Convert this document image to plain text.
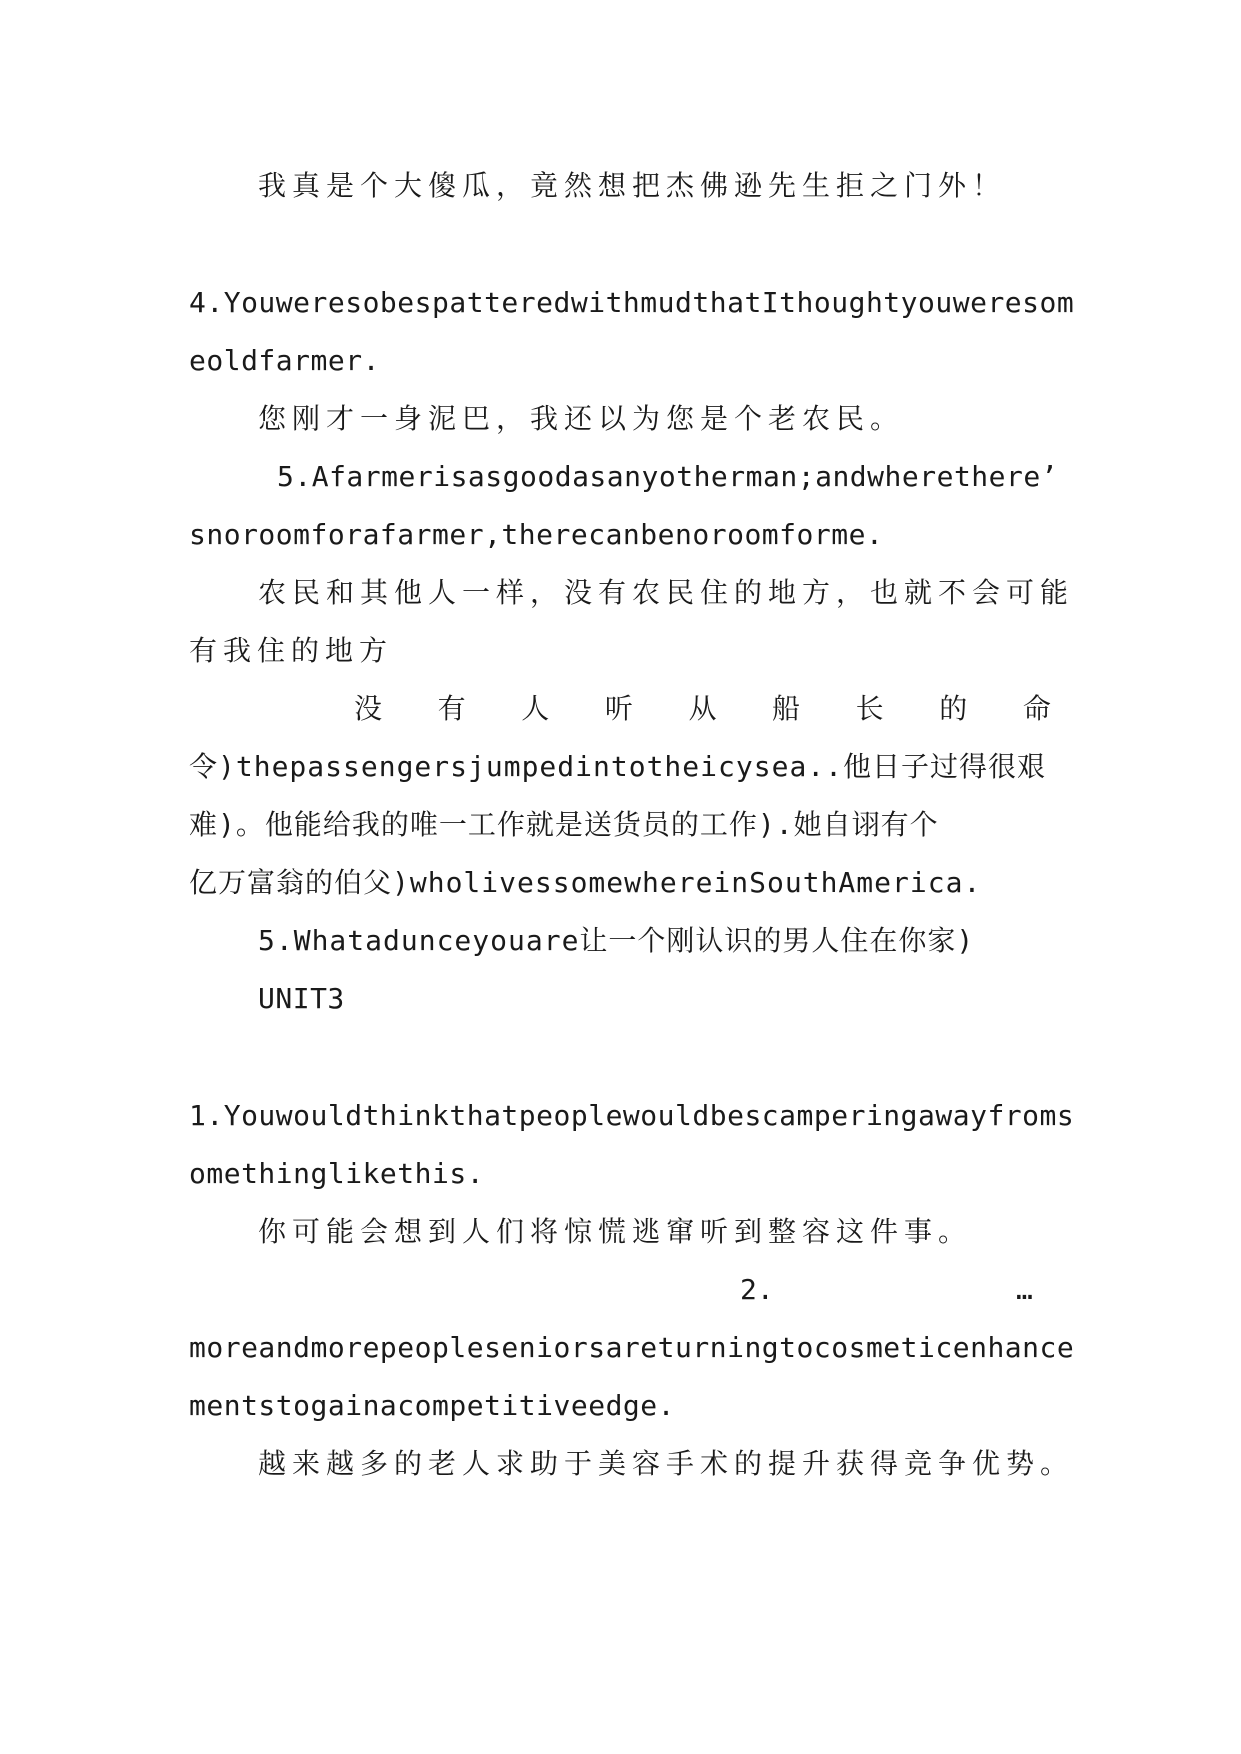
我真是个大傻瓜，竟然想把杰佛逊先生拒之门外！
4.YouweresobespatteredwithmudthatIthoughtyouweresom
eoldfarmer.
您刚才一身泥巴，我还以为您是个老农民。
5.Afarmerisasgoodasanyotherman;andwherethere’
snoroomforafarmer,therecanbenoroomforme.
农民和其他人一样，没有农民住的地方，也就不会可能
有我住的地方
没 有 人 听 从 船 长 的 命
令)thepassengersjumpedintotheicysea..他日子过得很艰
难)。他能给我的唯一工作就是送货员的工作).她自诩有个
亿万富翁的伯父)wholivessomewhereinSouthAmerica.
5.Whatadunceyouare让一个刚认识的男人住在你家)
UNIT3
1.Youwouldthinkthatpeoplewouldbescamperingawayfroms
omethinglikethis.
你可能会想到人们将惊慌逃窜听到整容这件事。
2.	…
moreandmorepeopleseniorsareturningtocosmeticenhance
mentstogainacompetitiveedge.
越来越多的老人求助于美容手术的提升获得竞争优势。
